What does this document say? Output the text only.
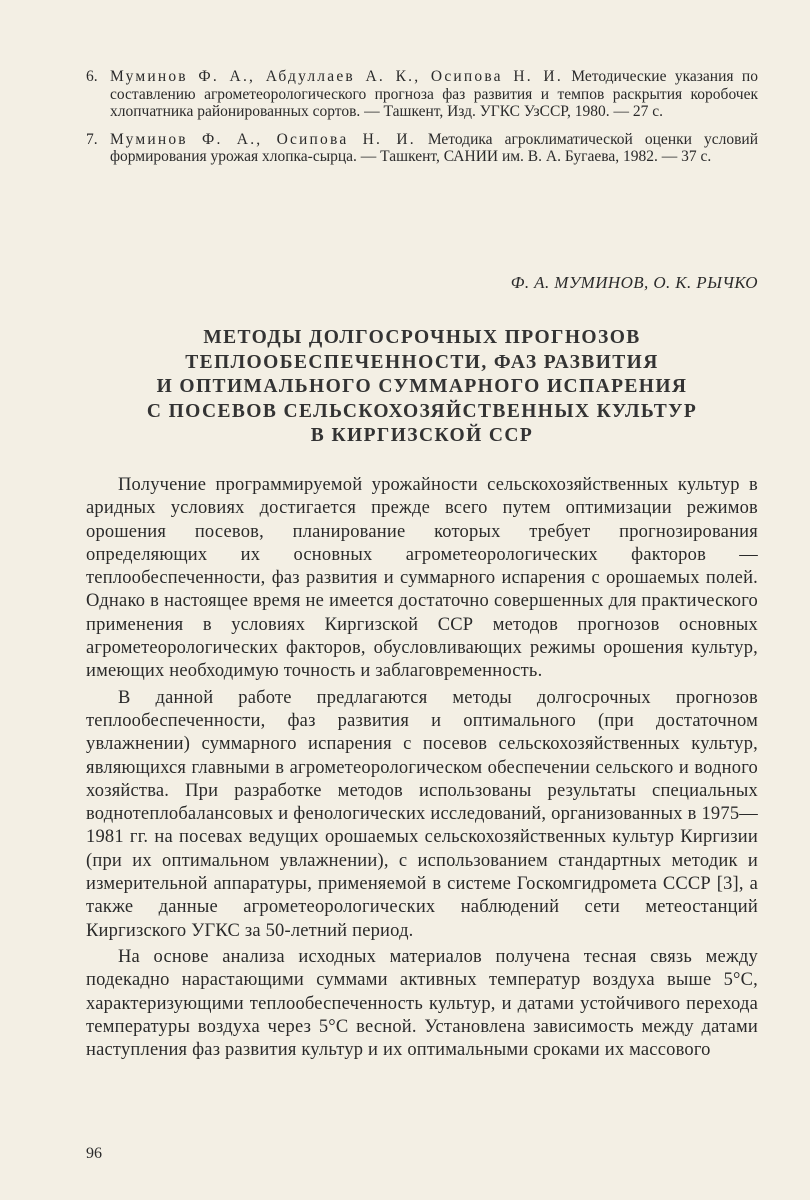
6. Муминов Ф. А., Абдуллаев А. К., Осипова Н. И. Методические указания по составлению агрометеорологического прогноза фаз развития и темпов раскрытия коробочек хлопчатника районированных сортов. — Ташкент, Изд. УГКС УзССР, 1980. — 27 с.
7. Муминов Ф. А., Осипова Н. И. Методика агроклиматической оценки условий формирования урожая хлопка-сырца. — Ташкент, САНИИ им. В. А. Бугаева, 1982. — 37 с.
Ф. А. МУМИНОВ, О. К. РЫЧКО
МЕТОДЫ ДОЛГОСРОЧНЫХ ПРОГНОЗОВ
ТЕПЛООБЕСПЕЧЕННОСТИ, ФАЗ РАЗВИТИЯ
И ОПТИМАЛЬНОГО СУММАРНОГО ИСПАРЕНИЯ
С ПОСЕВОВ СЕЛЬСКОХОЗЯЙСТВЕННЫХ КУЛЬТУР
В КИРГИЗСКОЙ ССР

Получение программируемой урожайности сельскохозяйственных культур в аридных условиях достигается прежде всего путем оптимизации режимов орошения посевов, планирование которых требует прогнозирования определяющих их основных агрометеорологических факторов — теплообеспеченности, фаз развития и суммарного испарения с орошаемых полей. Однако в настоящее время не имеется достаточно совершенных для практического применения в условиях Киргизской ССР методов прогнозов основных агрометеорологических факторов, обусловливающих режимы орошения культур, имеющих необходимую точность и заблаговременность.

В данной работе предлагаются методы долгосрочных прогнозов теплообеспеченности, фаз развития и оптимального (при достаточном увлажнении) суммарного испарения с посевов сельскохозяйственных культур, являющихся главными в агрометеорологическом обеспечении сельского и водного хозяйства. При разработке методов использованы результаты специальных воднотеплобалансовых и фенологических исследований, организованных в 1975—1981 гг. на посевах ведущих орошаемых сельскохозяйственных культур Киргизии (при их оптимальном увлажнении), с использованием стандартных методик и измерительной аппаратуры, применяемой в системе Госкомгидромета СССР [3], а также данные агрометеорологических наблюдений сети метеостанций Киргизского УГКС за 50-летний период.

На основе анализа исходных материалов получена тесная связь между подекадно нарастающими суммами активных температур воздуха выше 5°С, характеризующими теплообеспеченность культур, и датами устойчивого перехода температуры воздуха через 5°С весной. Установлена зависимость между датами наступления фаз развития культур и их оптимальными сроками их массового

96
